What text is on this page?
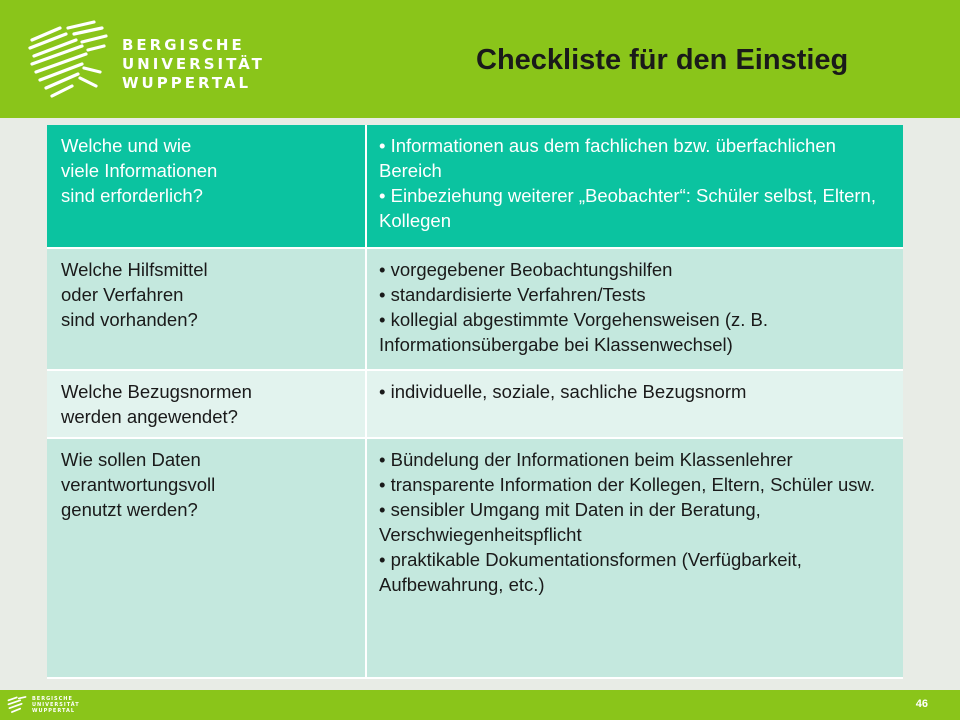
BERGISCHE
UNIVERSITÄT
WUPPERTAL
Checkliste für den Einstieg
Welche und wie
viele Informationen
sind erforderlich?
• Informationen aus dem fachlichen bzw. überfachlichen Bereich
• Einbeziehung weiterer „Beobachter“: Schüler selbst, Eltern, Kollegen
Welche Hilfsmittel
oder Verfahren
sind vorhanden?
• vorgegebener Beobachtungshilfen
• standardisierte Verfahren/Tests
• kollegial abgestimmte Vorgehensweisen (z. B. Informationsübergabe bei Klassenwechsel)
Welche Bezugsnormen
werden angewendet?
• individuelle, soziale, sachliche Bezugsnorm
Wie sollen Daten
verantwortungsvoll
genutzt werden?
• Bündelung der Informationen beim Klassenlehrer
• transparente Information der Kollegen, Eltern, Schüler usw.
• sensibler Umgang mit Daten in der Beratung, Verschwiegenheitspflicht
• praktikable Dokumentationsformen (Verfügbarkeit, Aufbewahrung, etc.)
BERGISCHE
UNIVERSITÄT
WUPPERTAL
46
